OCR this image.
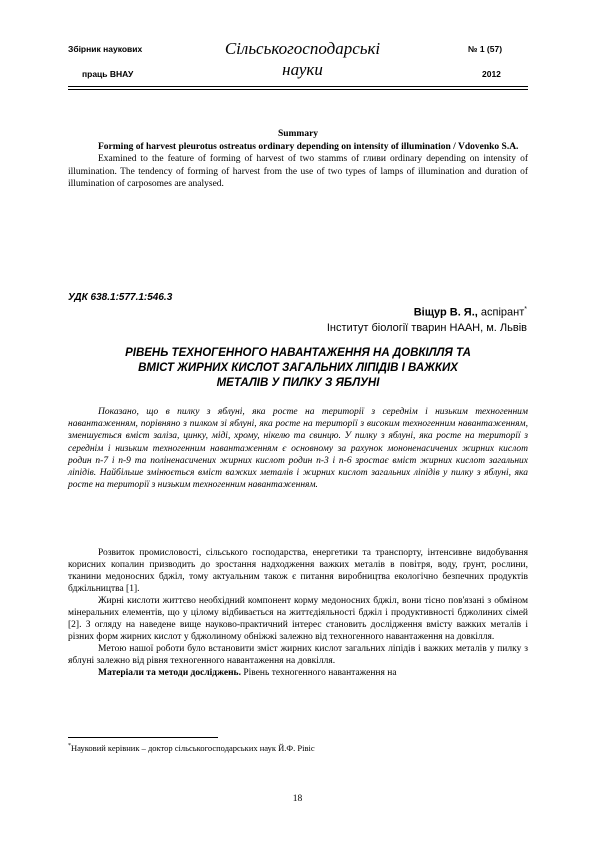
Збірник наукових
праць ВНАУ
Сільськогосподарські
науки
№ 1 (57)
2012
Summary

Forming of harvest pleurotus ostreatus ordinary depending on intensity of illumination / Vdovenko S.A.

Examined to the feature of forming of harvest of two stamms of гливи ordinary depending on intensity of illumination. The tendency of forming of harvest from the use of two types of lamps of illumination and duration of illumination of carposomes are analysed.

УДК 638.1:577.1:546.3
Віщур В. Я., аспірант*
Інститут біології тварин НААН, м. Львів
РІВЕНЬ ТЕХНОГЕННОГО НАВАНТАЖЕННЯ НА ДОВКІЛЛЯ ТА ВМІСТ ЖИРНИХ КИСЛОТ ЗАГАЛЬНИХ ЛІПІДІВ І ВАЖКИХ МЕТАЛІВ У ПИЛКУ З ЯБЛУНІ

Показано, що в пилку з яблуні, яка росте на території з середнім і низьким техногенним навантаженням, порівняно з пилком зі яблуні, яка росте на території з високим техногенним навантаженням, зменшується вміст заліза, цинку, міді, хрому, нікелю та свинцю. У пилку з яблуні, яка росте на території з середнім і низьким техногенним навантаженням є основному за рахунок мононенасичених жирних кислот родин n-7 і n-9 та поліненасичених жирних кислот родин n-3 і n-6 зростає вміст жирних кислот загальних ліпідів. Найбільше змінюється вміст важких металів і жирних кислот загальних ліпідів у пилку з яблуні, яка росте на території з низьким техногенним навантаженням.

Розвиток промисловості, сільського господарства, енергетики та транспорту, інтенсивне видобування корисних копалин призводить до зростання надходження важких металів в повітря, воду, ґрунт, рослини, тканини медоносних бджіл, тому актуальним також є питання виробництва екологічно безпечних продуктів бджільництва [1].

Жирні кислоти життєво необхідний компонент корму медоносних бджіл, вони тісно пов'язані з обміном мінеральних елементів, що у цілому відбивається на життєдіяльності бджіл і продуктивності бджолиних сімей [2]. З огляду на наведене вище науково-практичний інтерес становить дослідження вмісту важких металів і різних форм жирних кислот у бджолиному обніжжі залежно від техногенного навантаження на довкілля.

Метою нашої роботи було встановити зміст жирних кислот загальних ліпідів і важких металів у пилку з яблуні залежно від рівня техногенного навантаження на довкілля.

Матеріали та методи досліджень. Рівень техногенного навантаження на

*Науковий керівник – доктор сільськогосподарських наук Й.Ф. Рівіс
18
